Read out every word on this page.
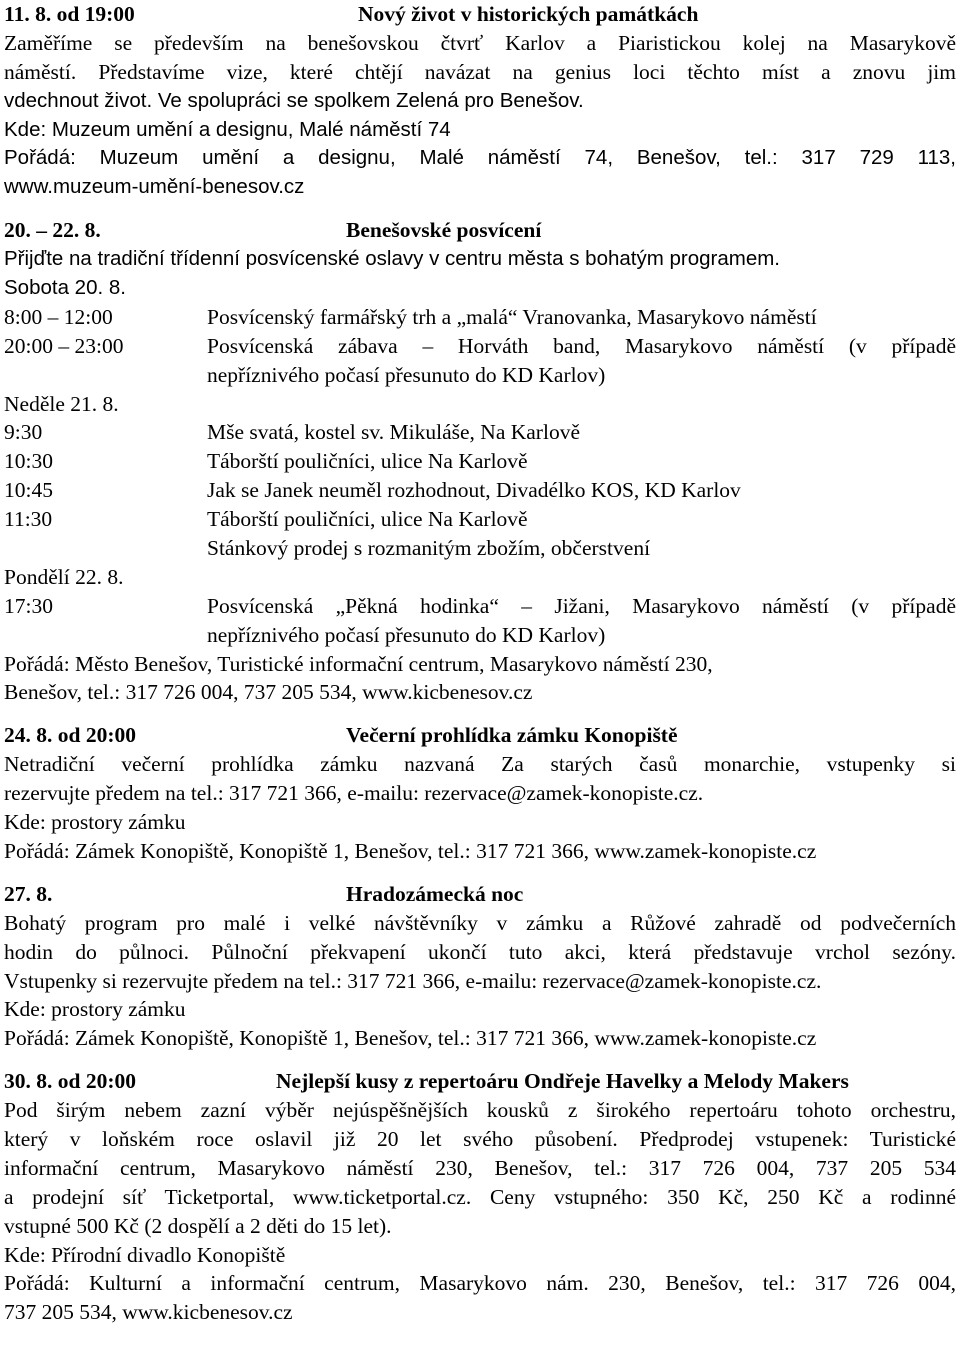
11. 8. od 19:00	Nový život v historických památkách
Zaměříme se především na benešovskou čtvrť Karlov a Piaristickou kolej na Masarykově
náměstí. Představíme vize, které chtějí navázat na genius loci těchto míst a znovu jim
vdechnout život. Ve spolupráci se spolkem Zelená pro Benešov.
Kde: Muzeum umění a designu, Malé náměstí 74
Pořádá: Muzeum umění a designu, Malé náměstí 74, Benešov, tel.: 317 729 113,
www.muzeum-umění-benesov.cz
20. – 22. 8.	Benešovské posvícení
Přijďte na tradiční třídenní posvícenské oslavy v centru města s bohatým programem.
Sobota 20. 8.
8:00 – 12:00	Posvícenský farmářský trh a „malá“ Vranovanka, Masarykovo náměstí
20:00 – 23:00	Posvícenská zábava – Horváth band, Masarykovo náměstí (v případě
nepříznivého počasí přesunuto do KD Karlov)
Neděle 21. 8.
9:30	Mše svatá, kostel sv. Mikuláše, Na Karlově
10:30	Táborští pouličníci, ulice Na Karlově
10:45	Jak se Janek neuměl rozhodnout, Divadélko KOS, KD Karlov
11:30	Táborští pouličníci, ulice Na Karlově
Stánkový prodej s rozmanitým zbožím, občerstvení
Pondělí 22. 8.
17:30	Posvícenská „Pěkná hodinka“ – Jižani, Masarykovo náměstí (v případě
nepříznivého počasí přesunuto do KD Karlov)
Pořádá: Město Benešov, Turistické informační centrum, Masarykovo náměstí 230,
Benešov, tel.: 317 726 004, 737 205 534, www.kicbenesov.cz
24. 8. od 20:00	Večerní prohlídka zámku Konopiště
Netradiční večerní prohlídka zámku nazvaná Za starých časů monarchie, vstupenky si
rezervujte předem na tel.: 317 721 366, e-mailu: rezervace@zamek-konopiste.cz.
Kde: prostory zámku
Pořádá: Zámek Konopiště, Konopiště 1, Benešov, tel.: 317 721 366, www.zamek-konopiste.cz
27. 8.	Hradozámecká noc
Bohatý program pro malé i velké návštěvníky v zámku a Růžové zahradě od podvečerních
hodin do půlnoci. Půlnoční překvapení ukončí tuto akci, která představuje vrchol sezóny.
Vstupenky si rezervujte předem na tel.: 317 721 366, e-mailu: rezervace@zamek-konopiste.cz.
Kde: prostory zámku
Pořádá: Zámek Konopiště, Konopiště 1, Benešov, tel.: 317 721 366, www.zamek-konopiste.cz
30. 8. od 20:00	Nejlepší kusy z repertoáru Ondřeje Havelky a Melody Makers
Pod širým nebem zazní výběr nejúspěšnějších kousků z širokého repertoáru tohoto orchestru,
který v loňském roce oslavil již 20 let svého působení. Předprodej vstupenek: Turistické
informační centrum, Masarykovo náměstí 230, Benešov, tel.: 317 726 004, 737 205 534
a prodejní síť Ticketportal, www.ticketportal.cz. Ceny vstupného: 350 Kč, 250 Kč a rodinné
vstupné 500 Kč (2 dospělí a 2 děti do 15 let).
Kde: Přírodní divadlo Konopiště
Pořádá: Kulturní a informační centrum, Masarykovo nám. 230, Benešov, tel.: 317 726 004,
737 205 534, www.kicbenesov.cz
